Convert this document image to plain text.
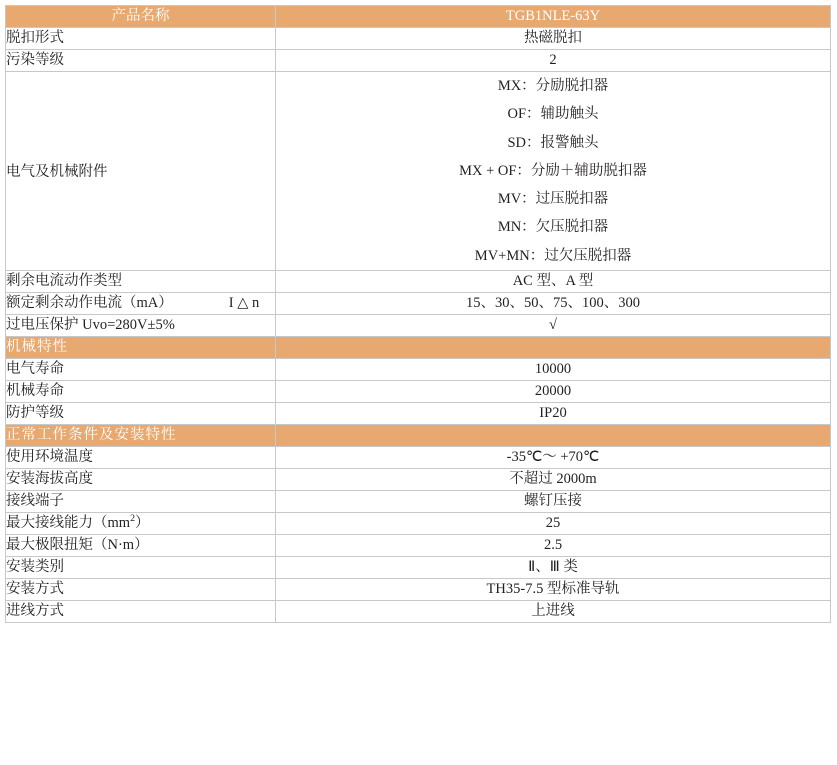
产品名称	TGB1NLE-63Y
脱扣形式	热磁脱扣
污染等级	2
电气及机械附件	
MX：分励脱扣器
OF：辅助触头
SD：报警触头
MX + OF：分励＋辅助脱扣器
MV：过压脱扣器
MN：欠压脱扣器
MV+MN：过欠压脱扣器

剩余电流动作类型	AC 型、A 型
额定剩余动作电流（mA） I △ n	15、30、50、75、100、300
过电压保护 Uvo=280V±5%	√
机械特性	
电气寿命	10000
机械寿命	20000
防护等级	IP20
正常工作条件及安装特性	
使用环境温度	-35℃～ +70℃
安装海拔高度	不超过 2000m
接线端子	螺钉压接
最大接线能力$(mm^2)$	25
最大极限扭矩（N·m）	2.5
安装类别	Ⅱ、Ⅲ 类
安装方式	TH35-7.5 型标准导轨
进线方式	上进线
